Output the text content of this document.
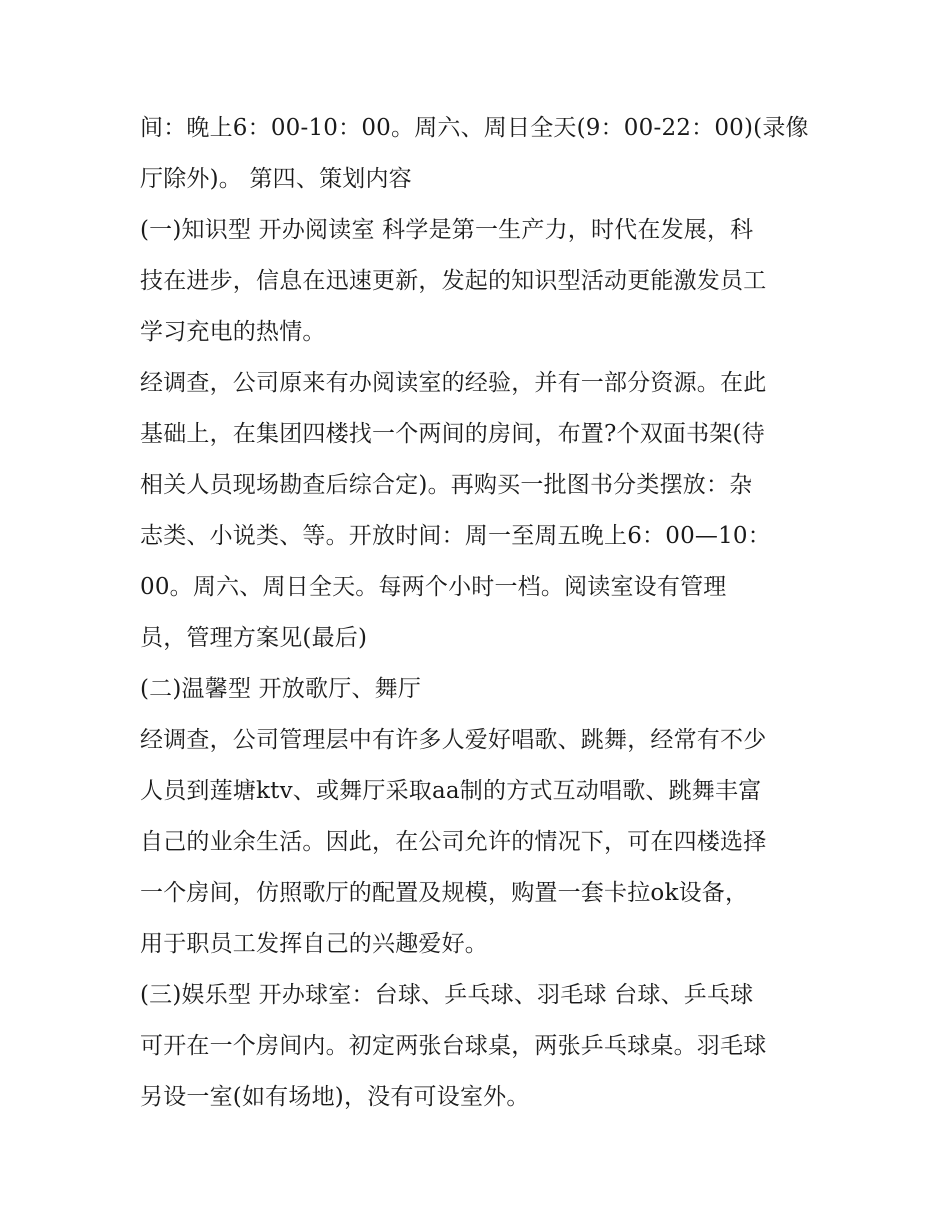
间：晚上6：00-10：00。周六、周日全天(9：00-22：00)(录像
厅除外)。 第四、策划内容
(一)知识型 开办阅读室 科学是第一生产力，时代在发展，科
技在进步，信息在迅速更新，发起的知识型活动更能激发员工
学习充电的热情。
经调查，公司原来有办阅读室的经验，并有一部分资源。在此
基础上，在集团四楼找一个两间的房间，布置?个双面书架(待
相关人员现场勘查后综合定)。再购买一批图书分类摆放：杂
志类、小说类、等。开放时间：周一至周五晚上6：00—10：
00。周六、周日全天。每两个小时一档。阅读室设有管理
员，管理方案见(最后)
(二)温馨型 开放歌厅、舞厅
经调查，公司管理层中有许多人爱好唱歌、跳舞，经常有不少
人员到莲塘ktv、或舞厅采取aa制的方式互动唱歌、跳舞丰富
自己的业余生活。因此，在公司允许的情况下，可在四楼选择
一个房间，仿照歌厅的配置及规模，购置一套卡拉ok设备，
用于职员工发挥自己的兴趣爱好。
(三)娱乐型 开办球室：台球、乒乓球、羽毛球 台球、乒乓球
可开在一个房间内。初定两张台球桌，两张乒乓球桌。羽毛球
另设一室(如有场地)，没有可设室外。
